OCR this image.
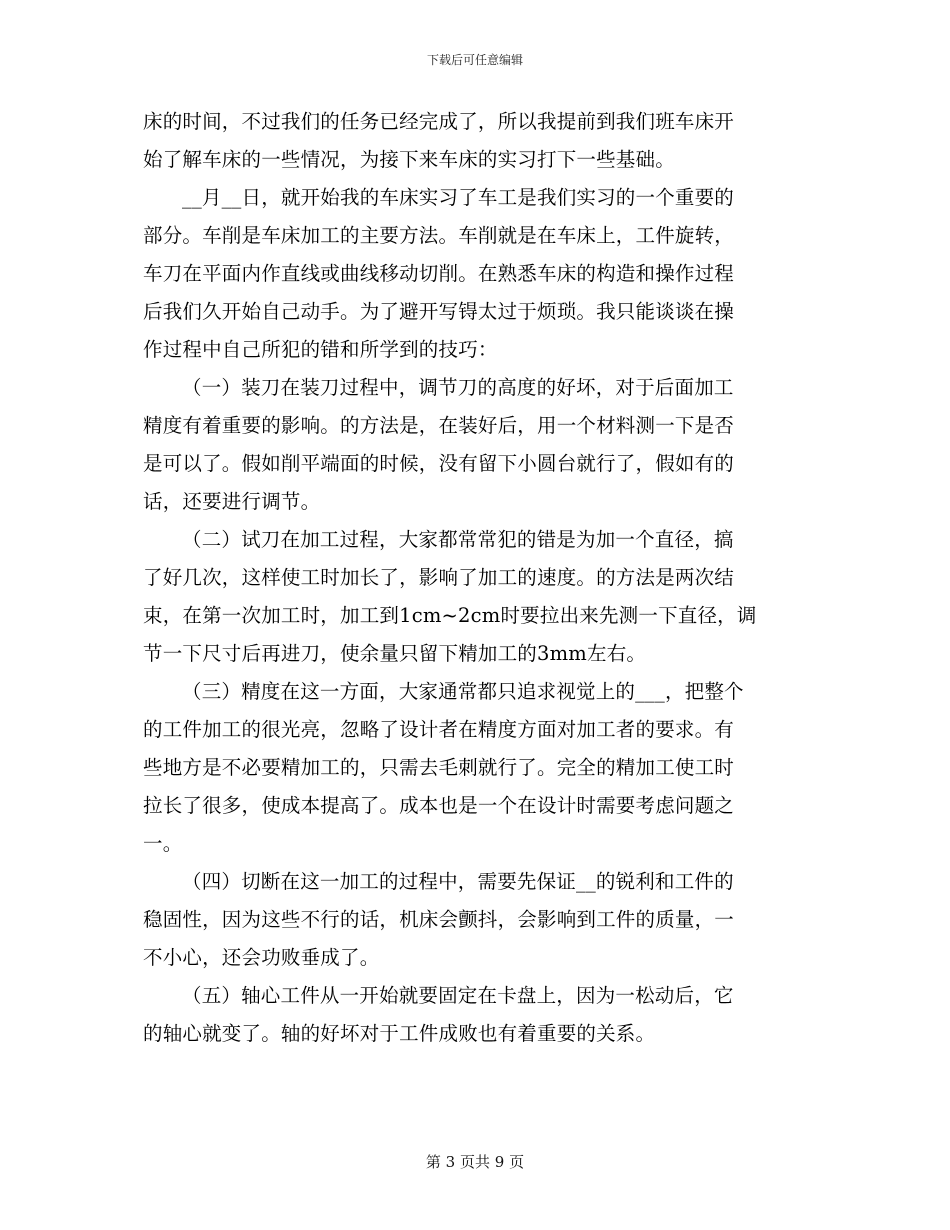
下载后可任意编辑
床的时间，不过我们的任务已经完成了，所以我提前到我们班车床开
始了解车床的一些情况，为接下来车床的实习打下一些基础。
__月__日，就开始我的车床实习了车工是我们实习的一个重要的
部分。车削是车床加工的主要方法。车削就是在车床上，工件旋转，
车刀在平面内作直线或曲线移动切削。在熟悉车床的构造和操作过程
后我们久开始自己动手。为了避开写锝太过于烦琐。我只能谈谈在操
作过程中自己所犯的错和所学到的技巧：
（一）装刀在装刀过程中，调节刀的高度的好坏，对于后面加工
精度有着重要的影响。的方法是，在装好后，用一个材料测一下是否
是可以了。假如削平端面的时候，没有留下小圆台就行了，假如有的
话，还要进行调节。
（二）试刀在加工过程，大家都常常犯的错是为加一个直径，搞
了好几次，这样使工时加长了，影响了加工的速度。的方法是两次结
束，在第一次加工时，加工到1cm~2cm时要拉出来先测一下直径，调
节一下尺寸后再进刀，使余量只留下精加工的3mm左右。
（三）精度在这一方面，大家通常都只追求视觉上的___，把整个
的工件加工的很光亮，忽略了设计者在精度方面对加工者的要求。有
些地方是不必要精加工的，只需去毛刺就行了。完全的精加工使工时
拉长了很多，使成本提高了。成本也是一个在设计时需要考虑问题之
一。
（四）切断在这一加工的过程中，需要先保证__的锐利和工件的
稳固性，因为这些不行的话，机床会颤抖，会影响到工件的质量，一
不小心，还会功败垂成了。
（五）轴心工件从一开始就要固定在卡盘上，因为一松动后，它
的轴心就变了。轴的好坏对于工件成败也有着重要的关系。
第 3 页共 9 页
